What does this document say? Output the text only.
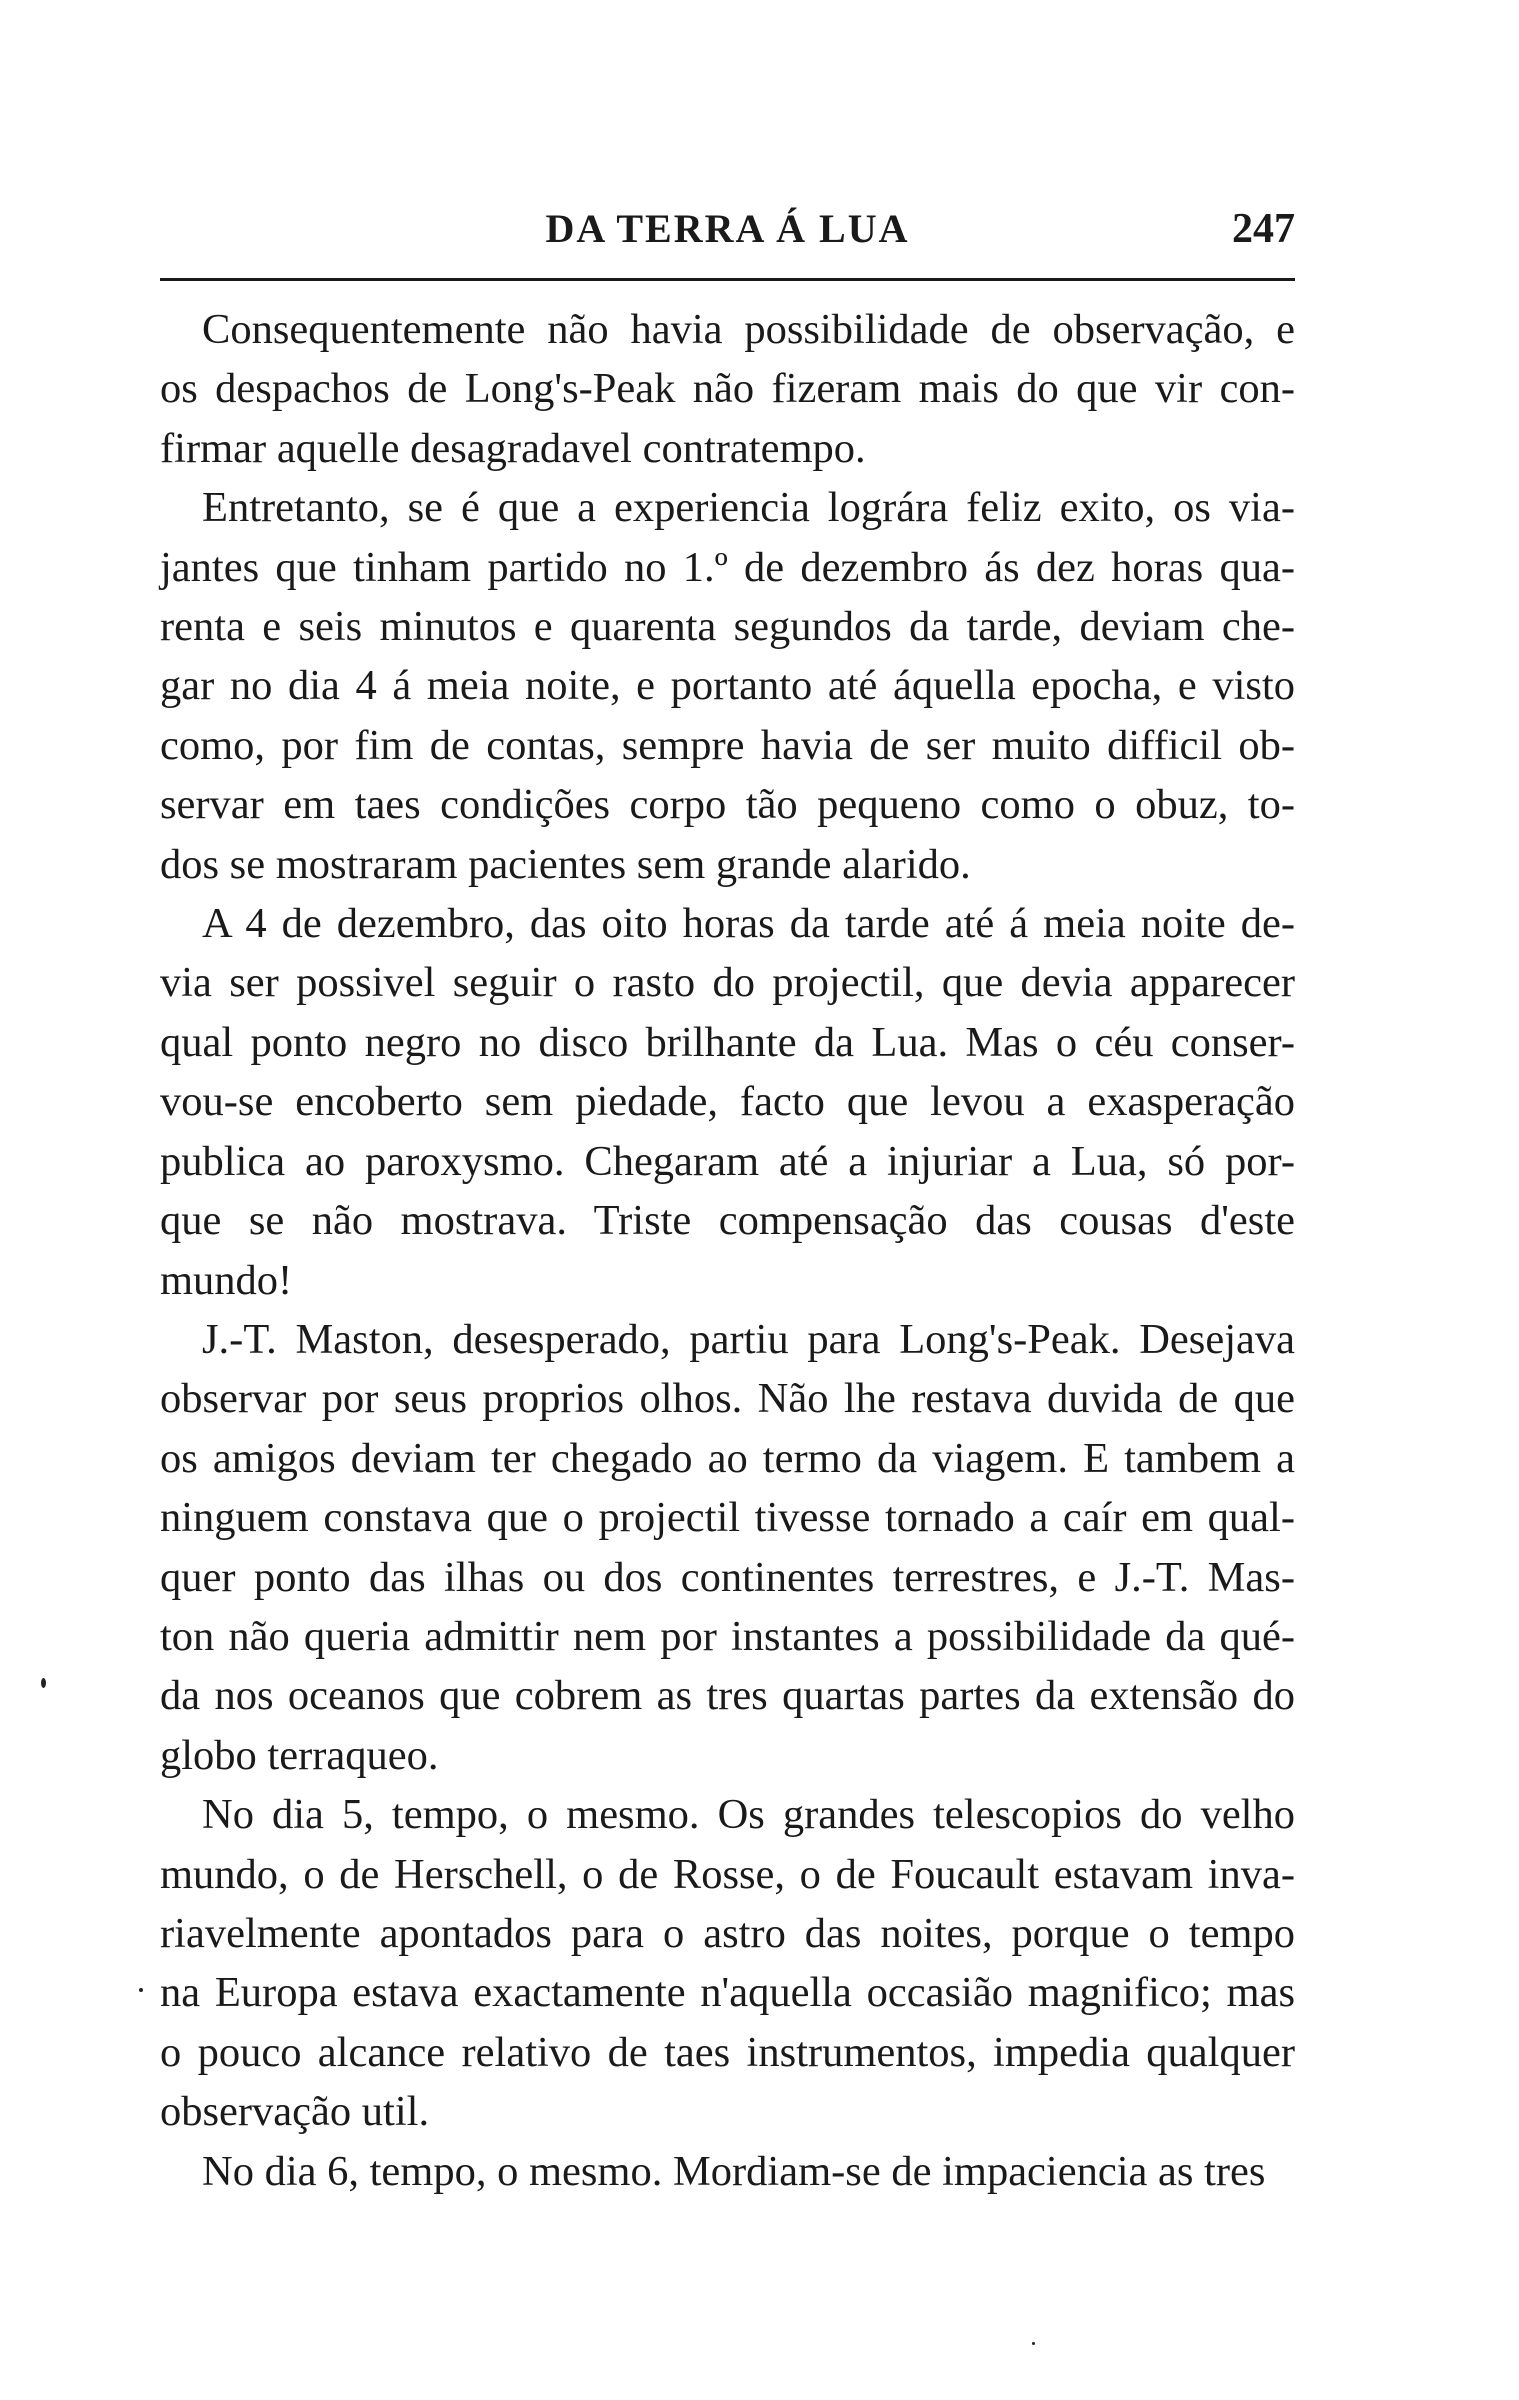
DA TERRA Á LUA	247

Consequentemente não havia possibilidade de observação, e
os despachos de Long's-Peak não fizeram mais do que vir con-
firmar aquelle desagradavel contratempo.

Entretanto, se é que a experiencia lográra feliz exito, os via-
jantes que tinham partido no 1.º de dezembro ás dez horas qua-
renta e seis minutos e quarenta segundos da tarde, deviam che-
gar no dia 4 á meia noite, e portanto até áquella epocha, e visto
como, por fim de contas, sempre havia de ser muito difficil ob-
servar em taes condições corpo tão pequeno como o obuz, to-
dos se mostraram pacientes sem grande alarido.

A 4 de dezembro, das oito horas da tarde até á meia noite de-
via ser possivel seguir o rasto do projectil, que devia apparecer
qual ponto negro no disco brilhante da Lua. Mas o céu conser-
vou-se encoberto sem piedade, facto que levou a exasperação
publica ao paroxysmo. Chegaram até a injuriar a Lua, só por-
que se não mostrava. Triste compensação das cousas d'este
mundo!

J.-T. Maston, desesperado, partiu para Long's-Peak. Desejava
observar por seus proprios olhos. Não lhe restava duvida de que
os amigos deviam ter chegado ao termo da viagem. E tambem a
ninguem constava que o projectil tivesse tornado a caír em qual-
quer ponto das ilhas ou dos continentes terrestres, e J.-T. Mas-
ton não queria admittir nem por instantes a possibilidade da qué-
da nos oceanos que cobrem as tres quartas partes da extensão do
globo terraqueo.

No dia 5, tempo, o mesmo. Os grandes telescopios do velho
mundo, o de Herschell, o de Rosse, o de Foucault estavam inva-
riavelmente apontados para o astro das noites, porque o tempo
na Europa estava exactamente n'aquella occasião magnifico; mas
o pouco alcance relativo de taes instrumentos, impedia qualquer
observação util.

No dia 6, tempo, o mesmo. Mordiam-se de impaciencia as tres
